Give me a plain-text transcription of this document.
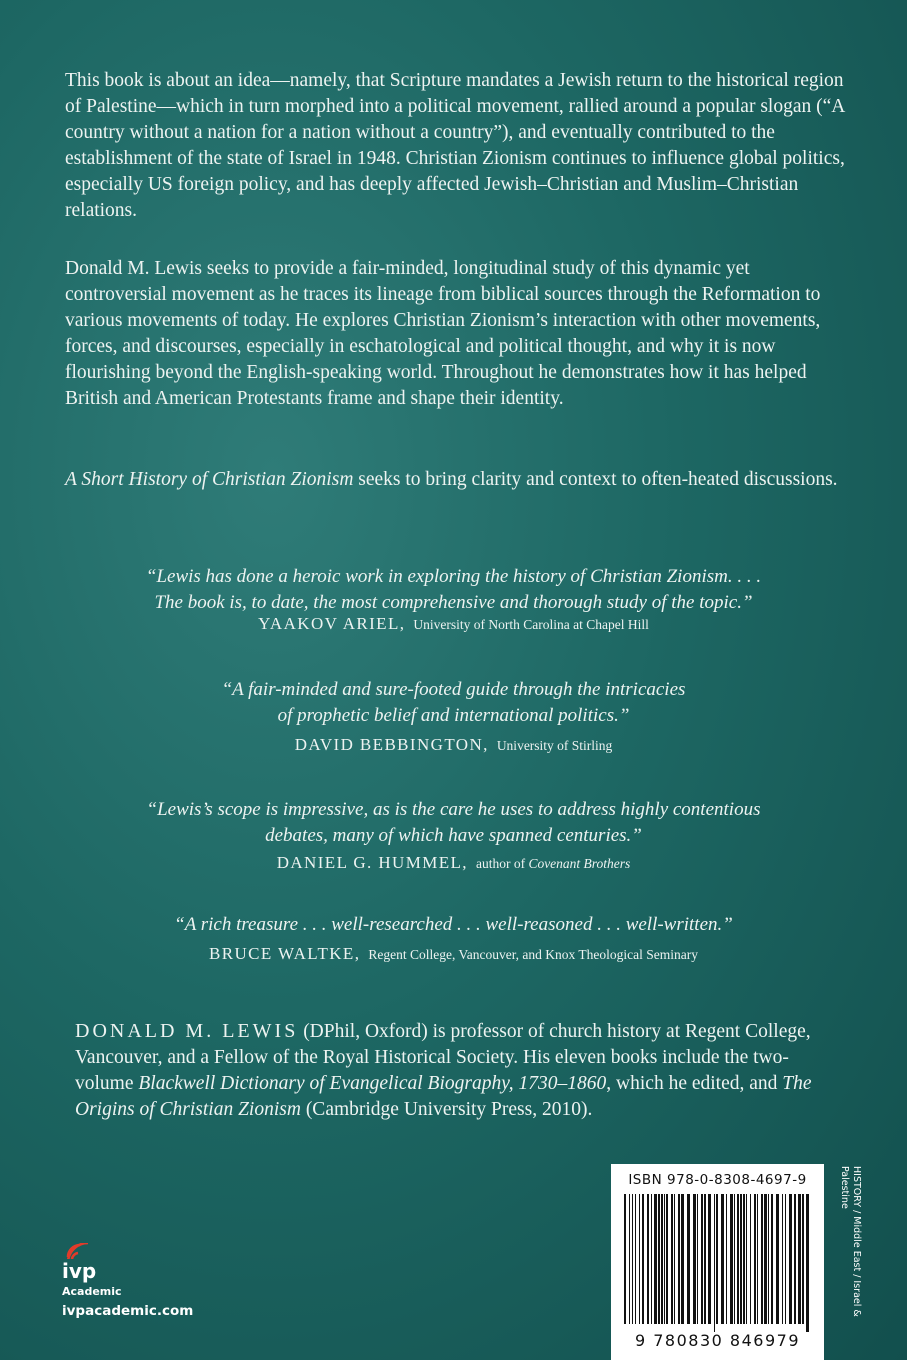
This book is about an idea—namely, that Scripture mandates a Jewish return to the historical region of Palestine—which in turn morphed into a political movement, rallied around a popular slogan (“A country without a nation for a nation without a country”), and eventually contributed to the establishment of the state of Israel in 1948. Christian Zionism continues to influence global politics, especially US foreign policy, and has deeply affected Jewish–Christian and Muslim–Christian relations.

Donald M. Lewis seeks to provide a fair-minded, longitudinal study of this dynamic yet controversial movement as he traces its lineage from biblical sources through the Reformation to various movements of today. He explores Christian Zionism’s interaction with other movements, forces, and discourses, especially in eschatological and political thought, and why it is now flourishing beyond the English-speaking world. Throughout he demonstrates how it has helped British and American Protestants frame and shape their identity.

A Short History of Christian Zionism seeks to bring clarity and context to often-heated discussions.

“Lewis has done a heroic work in exploring the history of Christian Zionism. . . .
The book is, to date, the most comprehensive and thorough study of the topic.”
YAAKOV ARIEL, University of North Carolina at Chapel Hill
“A fair-minded and sure-footed guide through the intricacies
of prophetic belief and international politics.”
DAVID BEBBINGTON, University of Stirling
“Lewis’s scope is impressive, as is the care he uses to address highly contentious
debates, many of which have spanned centuries.”
DANIEL G. HUMMEL, author of Covenant Brothers
“A rich treasure . . . well-researched . . . well-reasoned . . . well-written.”
BRUCE WALTKE, Regent College, Vancouver, and Knox Theological Seminary

DONALD M. LEWIS (DPhil, Oxford) is professor of church history at Regent College, Vancouver, and a Fellow of the Royal Historical Society. His eleven books include the two-volume Blackwell Dictionary of Evangelical Biography, 1730–1860, which he edited, and The Origins of Christian Zionism (Cambridge University Press, 2010).

ISBN 978-0-8308-4697-9
9 780830 846979
HISTORY / Middle East / Israel & Palestine
ivp
Academic
ivpacademic.com
